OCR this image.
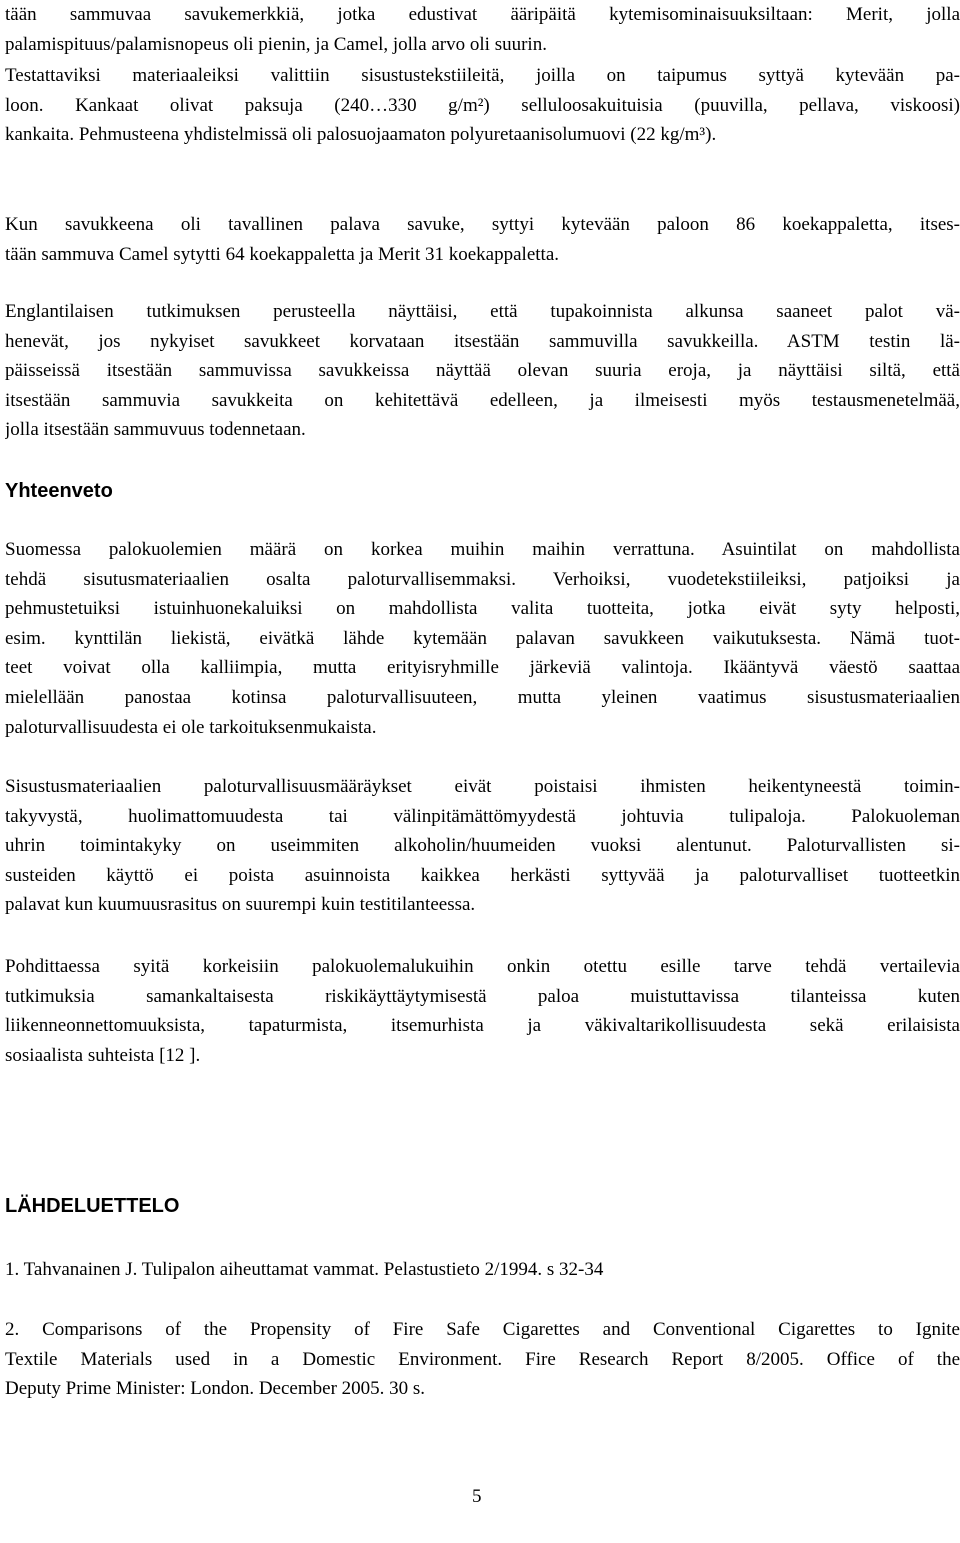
tään sammuvaa savukemerkkiä, jotka edustivat ääripäitä kytemisominaisuuksiltaan: Merit, jolla
palamispituus/palamisnopeus oli pienin, ja Camel, jolla arvo oli suurin.
Testattaviksi materiaaleiksi valittiin sisustustekstiileitä, joilla on taipumus syttyä kytevään pa-
loon. Kankaat olivat paksuja (240…330 g/m²) selluloosakuituisia (puuvilla, pellava, viskoosi)
kankaita. Pehmusteena yhdistelmissä oli palosuojaamaton polyuretaanisolumuovi (22 kg/m³).
Kun savukkeena oli tavallinen palava savuke, syttyi kytevään paloon 86 koekappaletta, itses-
tään sammuva Camel sytytti 64 koekappaletta ja Merit 31 koekappaletta.
Englantilaisen tutkimuksen perusteella näyttäisi, että tupakoinnista alkunsa saaneet palot vä-
henevät, jos nykyiset savukkeet korvataan itsestään sammuvilla savukkeilla. ASTM testin lä-
päisseissä itsestään sammuvissa savukkeissa näyttää olevan suuria eroja, ja näyttäisi siltä, että
itsestään sammuvia savukkeita on kehitettävä edelleen, ja ilmeisesti myös testausmenetelmää,
jolla itsestään sammuvuus todennetaan.
Yhteenveto
Suomessa palokuolemien määrä on korkea muihin maihin verrattuna. Asuintilat on mahdollista
tehdä sisutusmateriaalien osalta paloturvallisemmaksi. Verhoiksi, vuodetekstiileiksi, patjoiksi ja
pehmustetuiksi istuinhuonekaluiksi on mahdollista valita tuotteita, jotka eivät syty helposti,
esim. kynttilän liekistä, eivätkä lähde kytemään palavan savukkeen vaikutuksesta. Nämä tuot-
teet voivat olla kalliimpia, mutta erityisryhmille järkeviä valintoja. Ikääntyvä väestö saattaa
mielellään panostaa kotinsa paloturvallisuuteen, mutta yleinen vaatimus sisustusmateriaalien
paloturvallisuudesta ei ole tarkoituksenmukaista.
Sisustusmateriaalien paloturvallisuusmääräykset eivät poistaisi ihmisten heikentyneestä toimin-
takyvystä, huolimattomuudesta tai välinpitämättömyydestä johtuvia tulipaloja. Palokuoleman
uhrin toimintakyky on useimmiten alkoholin/huumeiden vuoksi alentunut. Paloturvallisten si-
susteiden käyttö ei poista asuinnoista kaikkea herkästi syttyvää ja paloturvalliset tuotteetkin
palavat kun kuumuusrasitus on suurempi kuin testitilanteessa.
Pohdittaessa syitä korkeisiin palokuolemalukuihin onkin otettu esille tarve tehdä vertailevia
tutkimuksia samankaltaisesta riskikäyttäytymisestä paloa muistuttavissa tilanteissa kuten
liikenneonnettomuuksista, tapaturmista, itsemurhista ja väkivaltarikollisuudesta sekä erilaisista
sosiaalista suhteista [12 ].
LÄHDELUETTELO
1. Tahvanainen J. Tulipalon aiheuttamat vammat. Pelastustieto 2/1994. s 32-34
2. Comparisons of the Propensity of Fire Safe Cigarettes and Conventional Cigarettes to Ignite
Textile Materials used in a Domestic Environment. Fire Research Report 8/2005. Office of the
Deputy Prime Minister: London. December 2005. 30 s.
5
